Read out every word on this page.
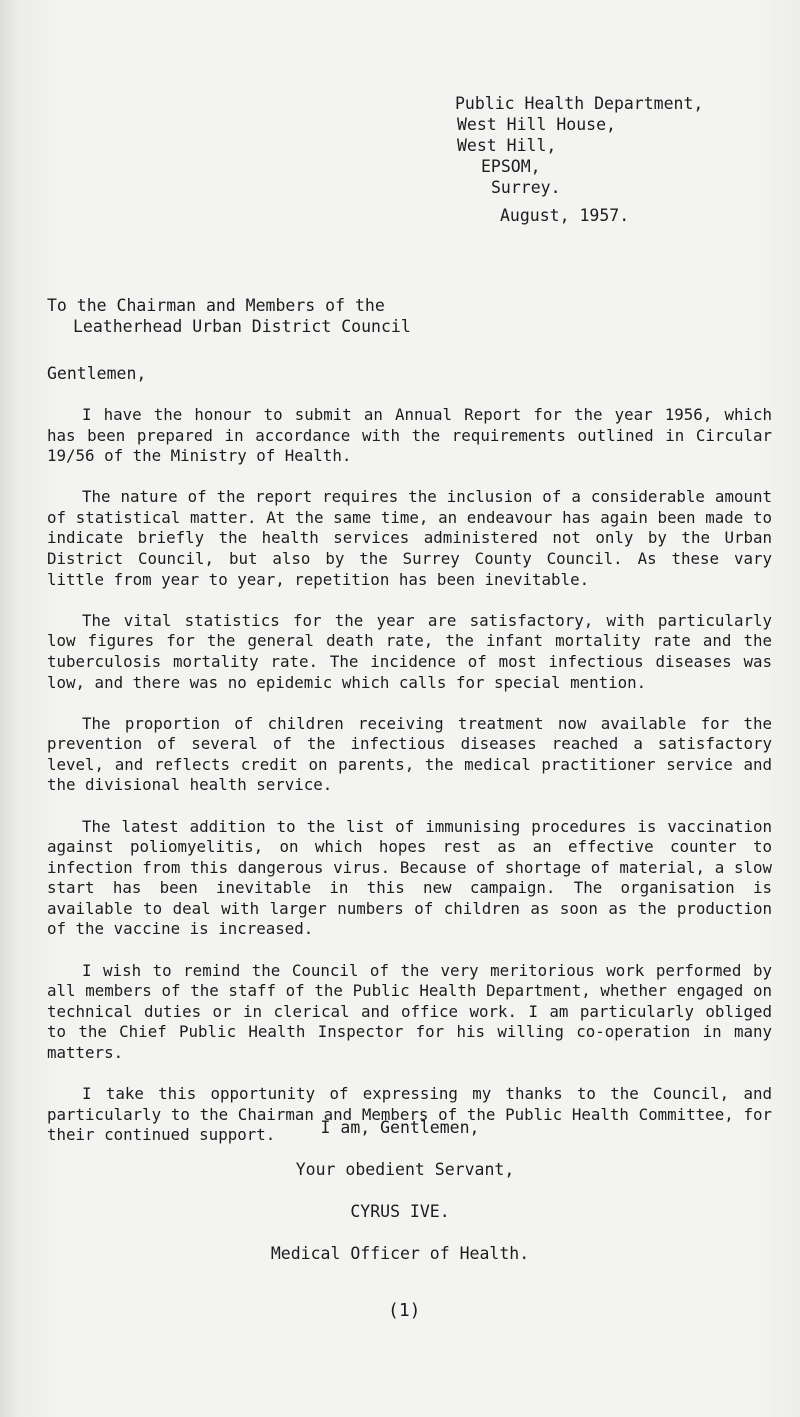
Public Health Department,
West Hill House,
West Hill,
EPSOM,
Surrey.
August, 1957.
To the Chairman and Members of the
Leatherhead Urban District Council
Gentlemen,

I have the honour to submit an Annual Report for the year 1956, which has been prepared in accordance with the requirements outlined in Circular 19/56 of the Ministry of Health.

The nature of the report requires the inclusion of a considerable amount of statistical matter. At the same time, an endeavour has again been made to indicate briefly the health services administered not only by the Urban District Council, but also by the Surrey County Council. As these vary little from year to year, repetition has been inevitable.

The vital statistics for the year are satisfactory, with particularly low figures for the general death rate, the infant mortality rate and the tuberculosis mortality rate. The incidence of most infectious diseases was low, and there was no epidemic which calls for special mention.

The proportion of children receiving treatment now available for the prevention of several of the infectious diseases reached a satisfactory level, and reflects credit on parents, the medical practitioner service and the divisional health service.

The latest addition to the list of immunising procedures is vaccination against poliomyelitis, on which hopes rest as an effective counter to infection from this dangerous virus. Because of shortage of material, a slow start has been inevitable in this new campaign. The organisation is available to deal with larger numbers of children as soon as the production of the vaccine is increased.

I wish to remind the Council of the very meritorious work performed by all members of the staff of the Public Health Department, whether engaged on technical duties or in clerical and office work. I am particularly obliged to the Chief Public Health Inspector for his willing co-operation in many matters.

I take this opportunity of expressing my thanks to the Council, and particularly to the Chairman and Members of the Public Health Committee, for their continued support.	I am, Gentlemen,
Your obedient Servant,
CYRUS IVE.
Medical Officer of Health.
(1)
